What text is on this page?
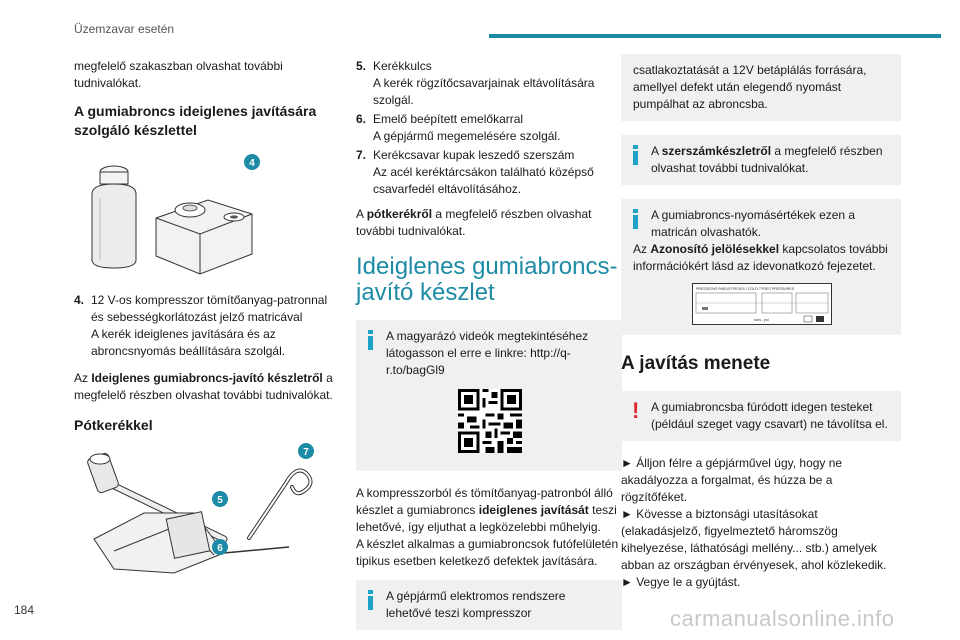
Üzemzavar esetén

megfelelő szakaszban olvashat további tudnivalókat.

A gumiabroncs ideiglenes javítására szolgáló készlettel
4
4. 12 V-os kompresszor tömítőanyag-patronnal és sebességkorlátozást jelző matricával
A kerék ideiglenes javítására és az abroncsnyomás beállítására szolgál.

Az Ideiglenes gumiabroncs-javító készletről a megfelelő részben olvashat további tudnivalókat.

Pótkerékkel
5
6
7
5. Kerékkulcs
A kerék rögzítőcsavarjainak eltávolítására szolgál.
6. Emelő beépített emelőkarral
A gépjármű megemelésére szolgál.
7. Kerékcsavar kupak leszedő szerszám
Az acél keréktárcsákon található középső csavarfedél eltávolításához.

A pótkerékről a megfelelő részben olvashat további tudnivalókat.

Ideiglenes gumiabroncs-javító készlet
A magyarázó videók megtekintéséhez látogasson el erre e linkre: http://q-r.to/bagGl9

A kompresszorból és tömítőanyag-patronból álló készlet a gumiabroncs ideiglenes javítását teszi lehetővé, így eljuthat a legközelebbi műhelyig.
A készlet alkalmas a gumiabroncsok futófelületén tipikus esetben keletkező defektek javítására.

A gépjármű elektromos rendszere lehetővé teszi kompresszor
csatlakoztatását a 12V betáplálás forrására, amellyel defekt után elegendő nyomást pumpálhat az abroncsba.
A szerszámkészletről a megfelelő részben olvashat további tudnivalókat.
A gumiabroncs-nyomásértékek ezen a matricán olvashatók.
Az Azonosító jelölésekkel kapcsolatos további információkért lásd az idevonatkozó fejezetet.
PRESSIONS PNEUS FROIDS / COLD TYRES PRESSURES
bars - psi
A javítás menete
! A gumiabroncsba fúródott idegen testeket (például szeget vagy csavart) ne távolítsa el.

► Álljon félre a gépjárművel úgy, hogy ne akadályozza a forgalmat, és húzza be a rögzítőféket.

► Kövesse a biztonsági utasításokat (elakadásjelző, figyelmeztető háromszög kihelyezése, láthatósági mellény... stb.) amelyek abban az országban érvényesek, ahol közlekedik.

► Vegye le a gyújtást.

184	carmanualsonline.info
